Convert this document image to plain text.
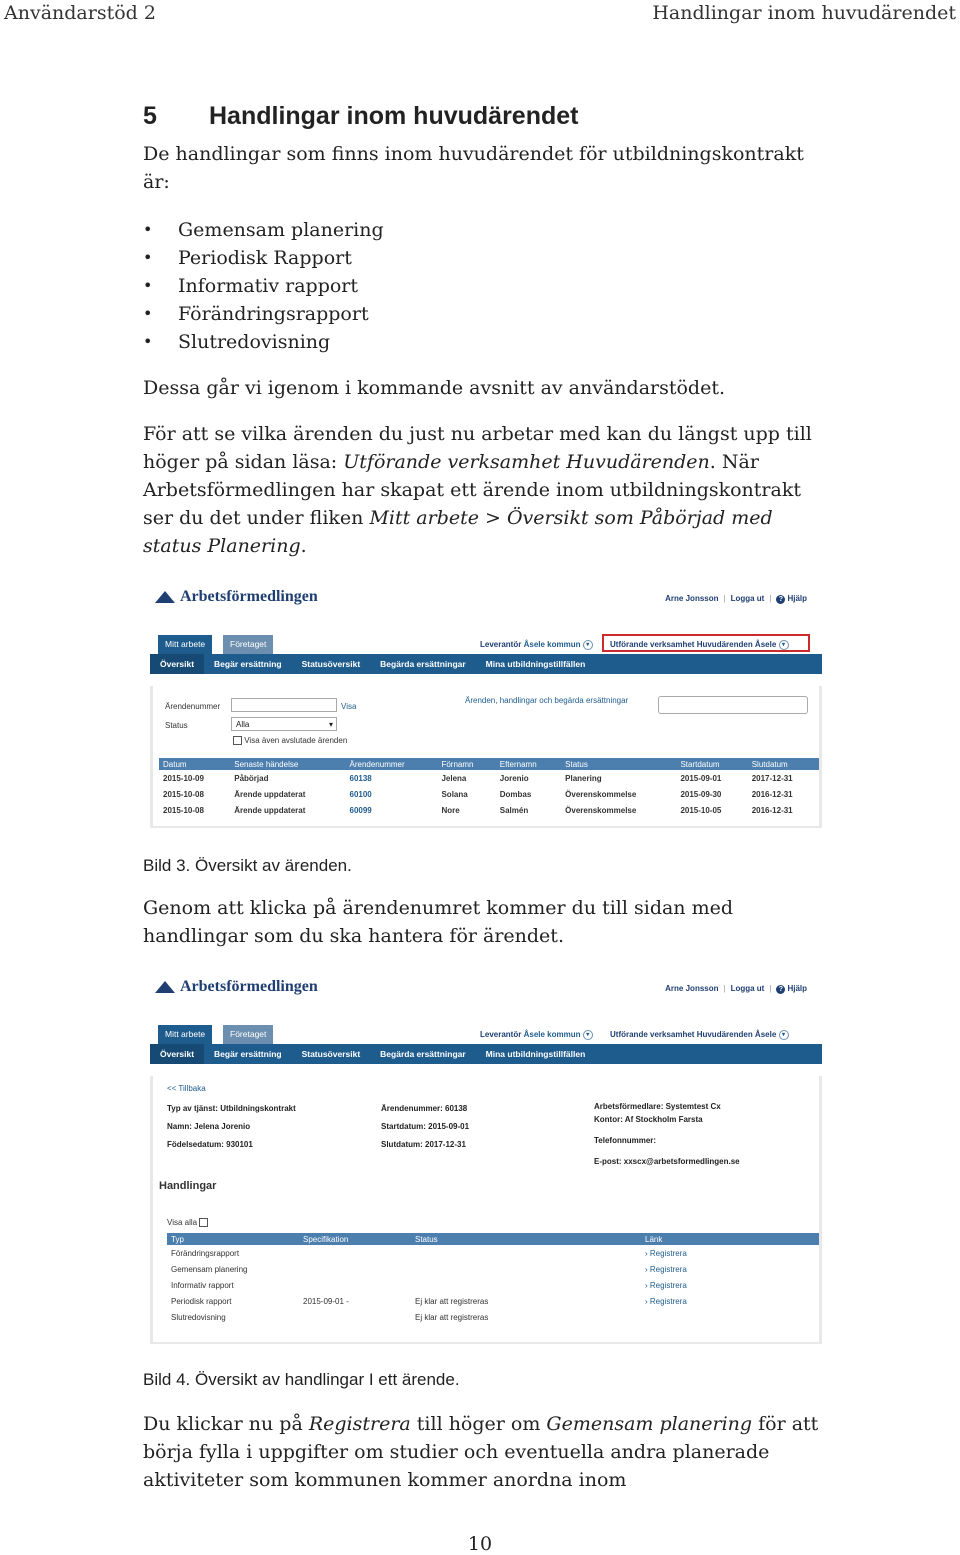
Användarstöd 2	Handlingar inom huvudärendet
5	Handlingar inom huvudärendet

De handlingar som finns inom huvudärendet för utbildningskontrakt är:

• Gemensam planering
• Periodisk Rapport
• Informativ rapport
• Förändringsrapport
• Slutredovisning

Dessa går vi igenom i kommande avsnitt av användarstödet.

För att se vilka ärenden du just nu arbetar med kan du längst upp till höger på sidan läsa: Utförande verksamhet Huvudärenden. När Arbetsförmedlingen har skapat ett ärende inom utbildningskontrakt ser du det under fliken Mitt arbete > Översikt som Påbörjad med status Planering.

Arbetsförmedlingen	Arne Jonsson | Logga ut |	? Hjälp
Mitt arbete	Företaget	Leverantör Åsele kommun ▾	Utförande verksamhet Huvudärenden Åsele ▾
Översikt	Begär ersättning	Statusöversikt	Begärda ersättningar	Mina utbildningstillfällen
Ärendenummer	Visa
Status	Alla	▾
Visa även avslutade ärenden
Ärenden, handlingar och begärda ersättningar
Datum	Senaste händelse	Ärendenummer	Förnamn	Efternamn	Status	Startdatum	Slutdatum
2015-10-09	Påbörjad	60138	Jelena	Jorenio	Planering	2015-09-01	2017-12-31
2015-10-08	Ärende uppdaterat	60100	Solana	Dombas	Överenskommelse	2015-09-30	2016-12-31
2015-10-08	Ärende uppdaterat	60099	Nore	Salmén	Överenskommelse	2015-10-05	2016-12-31

Bild 3. Översikt av ärenden.

Genom att klicka på ärendenumret kommer du till sidan med handlingar som du ska hantera för ärendet.

Arbetsförmedlingen	Arne Jonsson | Logga ut |	? Hjälp
Mitt arbete	Företaget	Leverantör Åsele kommun ▾	Utförande verksamhet Huvudärenden Åsele ▾
Översikt	Begär ersättning	Statusöversikt	Begärda ersättningar	Mina utbildningstillfällen
<< Tillbaka
Typ av tjänst: Utbildningskontrakt
Namn: Jelena Jorenio
Födelsedatum: 930101
Ärendenummer: 60138
Startdatum: 2015-09-01
Slutdatum: 2017-12-31
Arbetsförmedlare: Systemtest Cx
Kontor: Af Stockholm Farsta
Telefonnummer:
E-post: xxscx@arbetsformedlingen.se
Handlingar
Visa alla
Typ	Specifikation	Status	Länk
Förändringsrapport			› Registrera
Gemensam planering			› Registrera
Informativ rapport			› Registrera
Periodisk rapport	2015-09-01 -	Ej klar att registreras	› Registrera
Slutredovisning		Ej klar att registreras	

Bild 4. Översikt av handlingar I ett ärende.

Du klickar nu på Registrera till höger om Gemensam planering för att börja fylla i uppgifter om studier och eventuella andra planerade aktiviteter som kommunen kommer anordna inom

10
